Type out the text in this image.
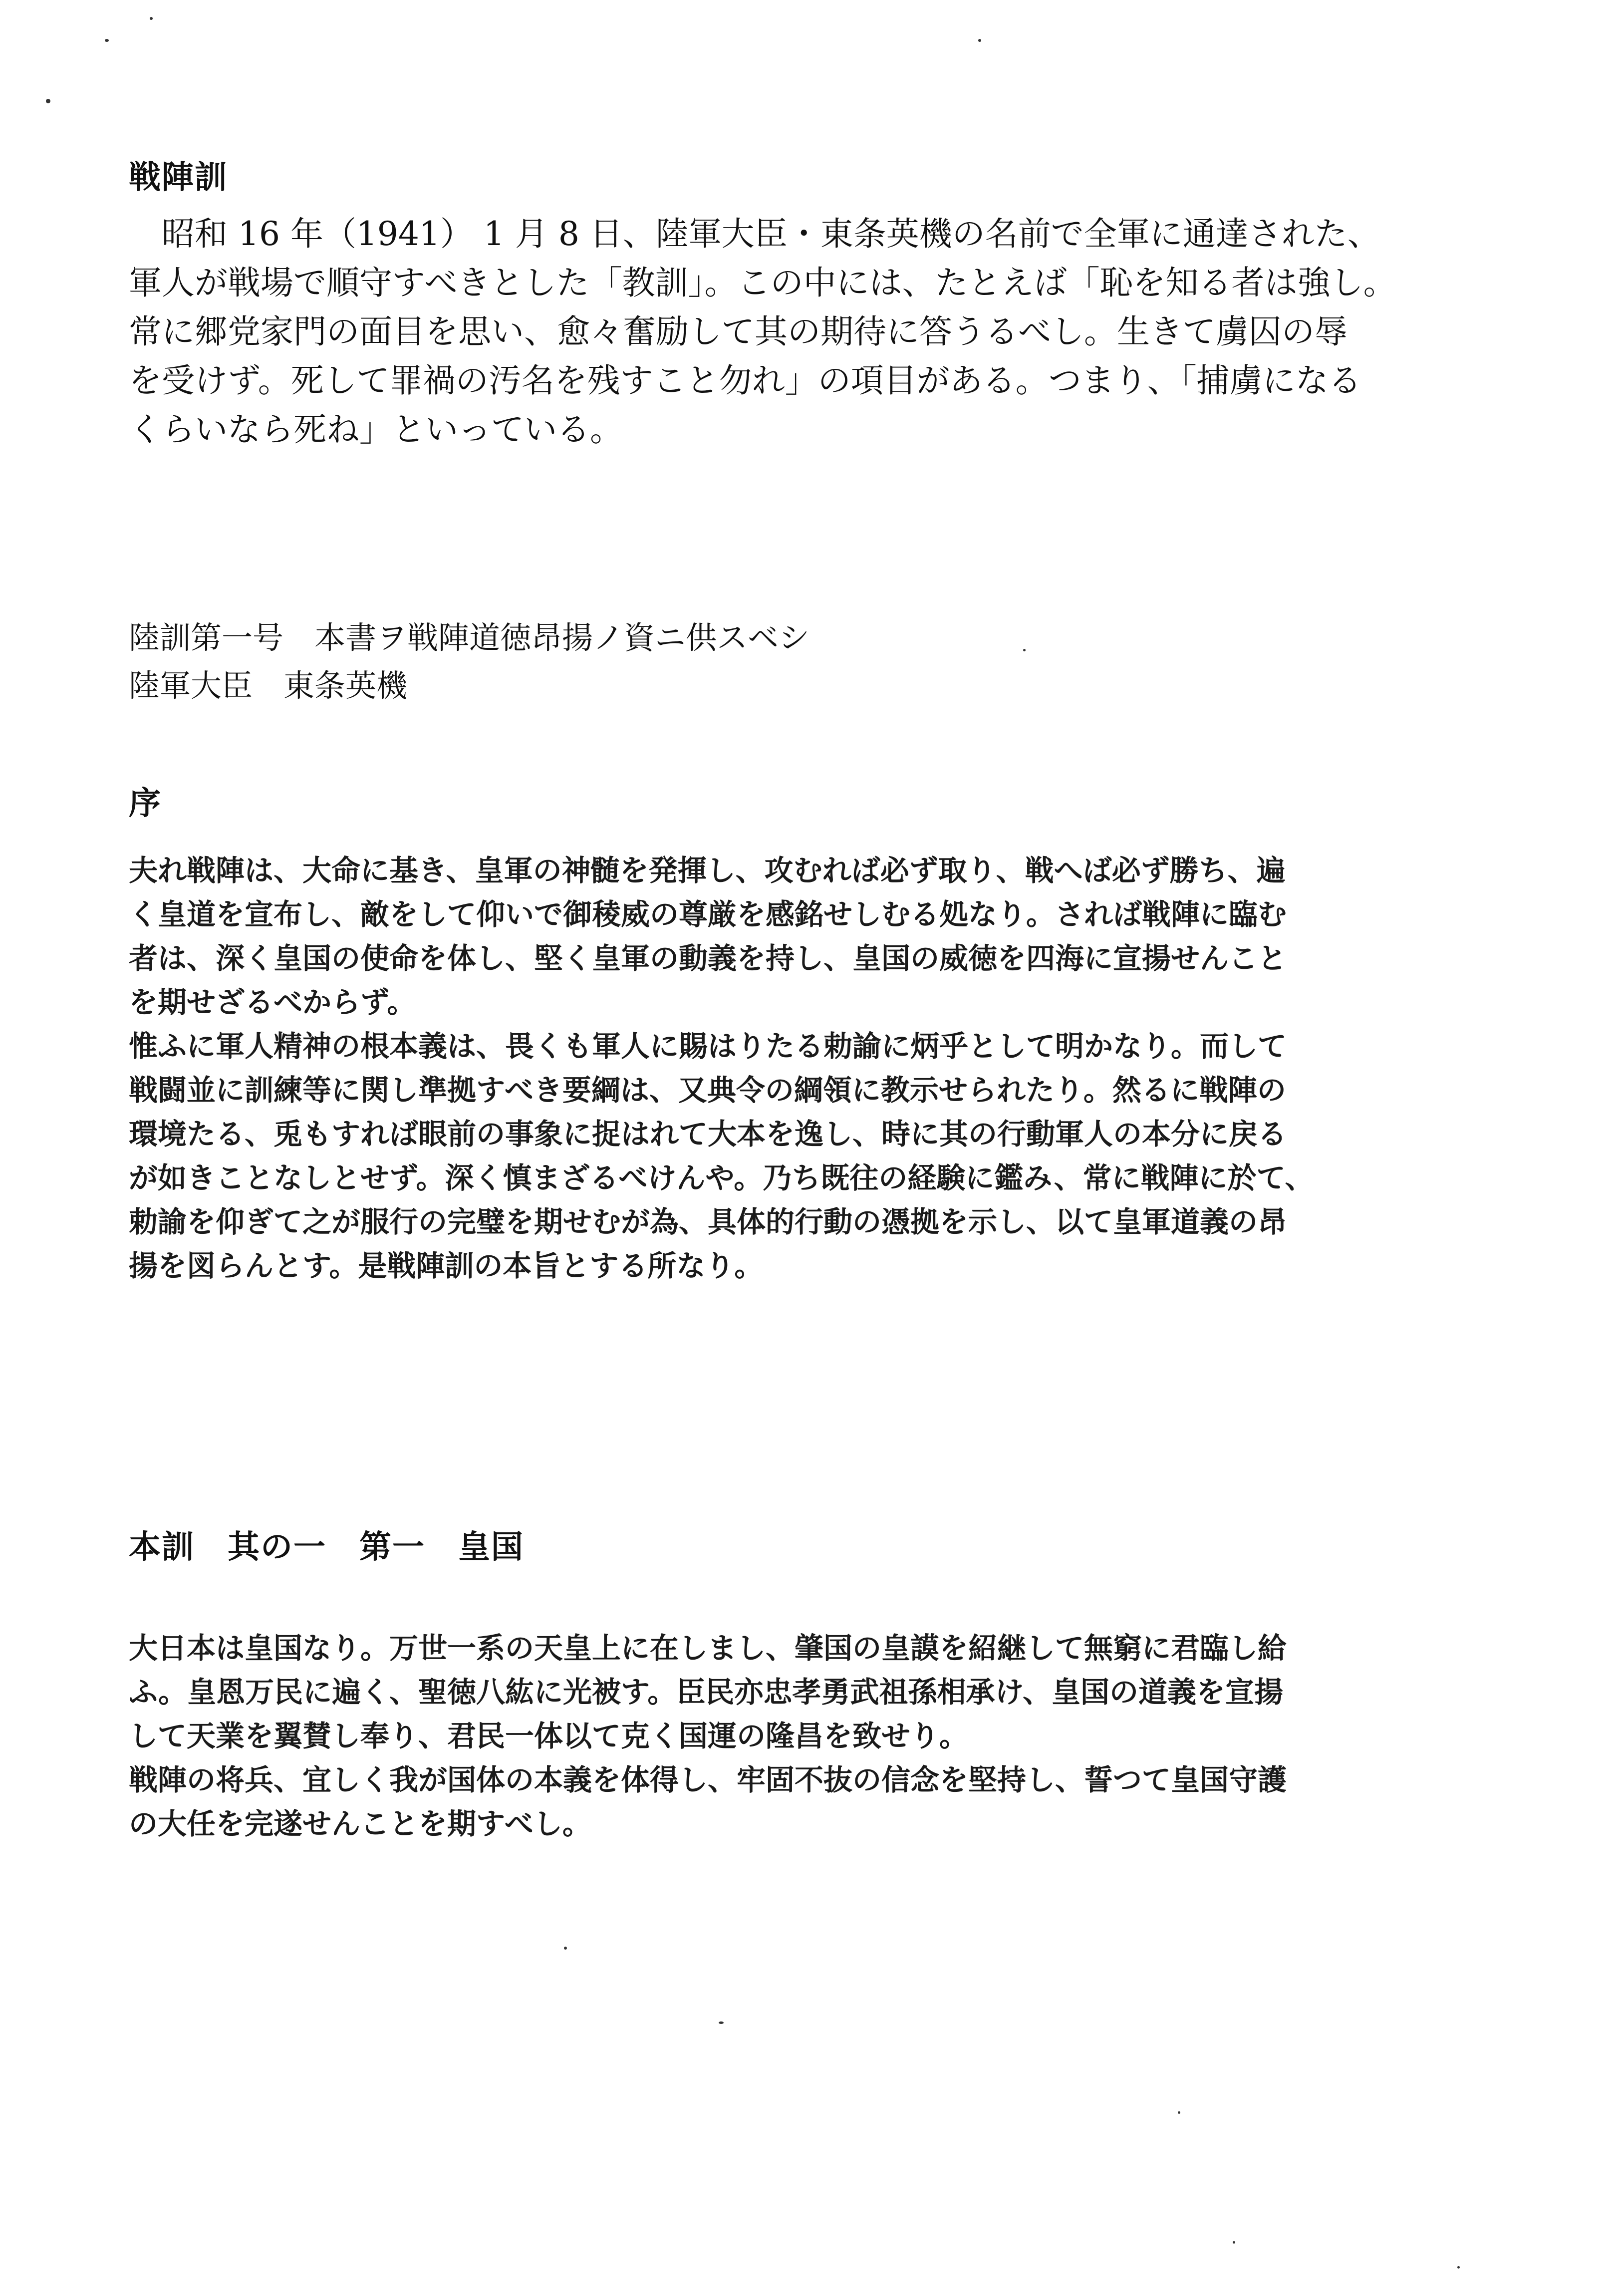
戦陣訓
　昭和 16 年（1941） 1 月 8 日、陸軍大臣・東条英機の名前で全軍に通達された、
軍人が戦場で順守すべきとした「教訓」。この中には、たとえば「恥を知る者は強し。
常に郷党家門の面目を思い、愈々奮励して其の期待に答うるべし。生きて虜囚の辱
を受けず。死して罪禍の汚名を残すこと勿れ」の項目がある。つまり、「捕虜になる
くらいなら死ね」といっている。
陸訓第一号　本書ヲ戦陣道徳昂揚ノ資ニ供スベシ
陸軍大臣　東条英機
序
夫れ戦陣は、大命に基き、皇軍の神髄を発揮し、攻むれば必ず取り、戦へば必ず勝ち、遍
く皇道を宣布し、敵をして仰いで御稜威の尊厳を感銘せしむる処なり。されば戦陣に臨む
者は、深く皇国の使命を体し、堅く皇軍の動義を持し、皇国の威徳を四海に宣揚せんこと
を期せざるべからず。
惟ふに軍人精神の根本義は、畏くも軍人に賜はりたる勅諭に炳乎として明かなり。而して
戦闘並に訓練等に関し準拠すべき要綱は、又典令の綱領に教示せられたり。然るに戦陣の
環境たる、兎もすれば眼前の事象に捉はれて大本を逸し、時に其の行動軍人の本分に戻る
が如きことなしとせず。深く慎まざるべけんや。乃ち既往の経験に鑑み、常に戦陣に於て、
勅諭を仰ぎて之が服行の完璧を期せむが為、具体的行動の憑拠を示し、以て皇軍道義の昂
揚を図らんとす。是戦陣訓の本旨とする所なり。
本訓　其の一　第一　皇国
大日本は皇国なり。万世一系の天皇上に在しまし、肇国の皇謨を紹継して無窮に君臨し給
ふ。皇恩万民に遍く、聖徳八紘に光被す。臣民亦忠孝勇武祖孫相承け、皇国の道義を宣揚
して天業を翼賛し奉り、君民一体以て克く国運の隆昌を致せり。
戦陣の将兵、宜しく我が国体の本義を体得し、牢固不抜の信念を堅持し、誓つて皇国守護
の大任を完遂せんことを期すべし。
